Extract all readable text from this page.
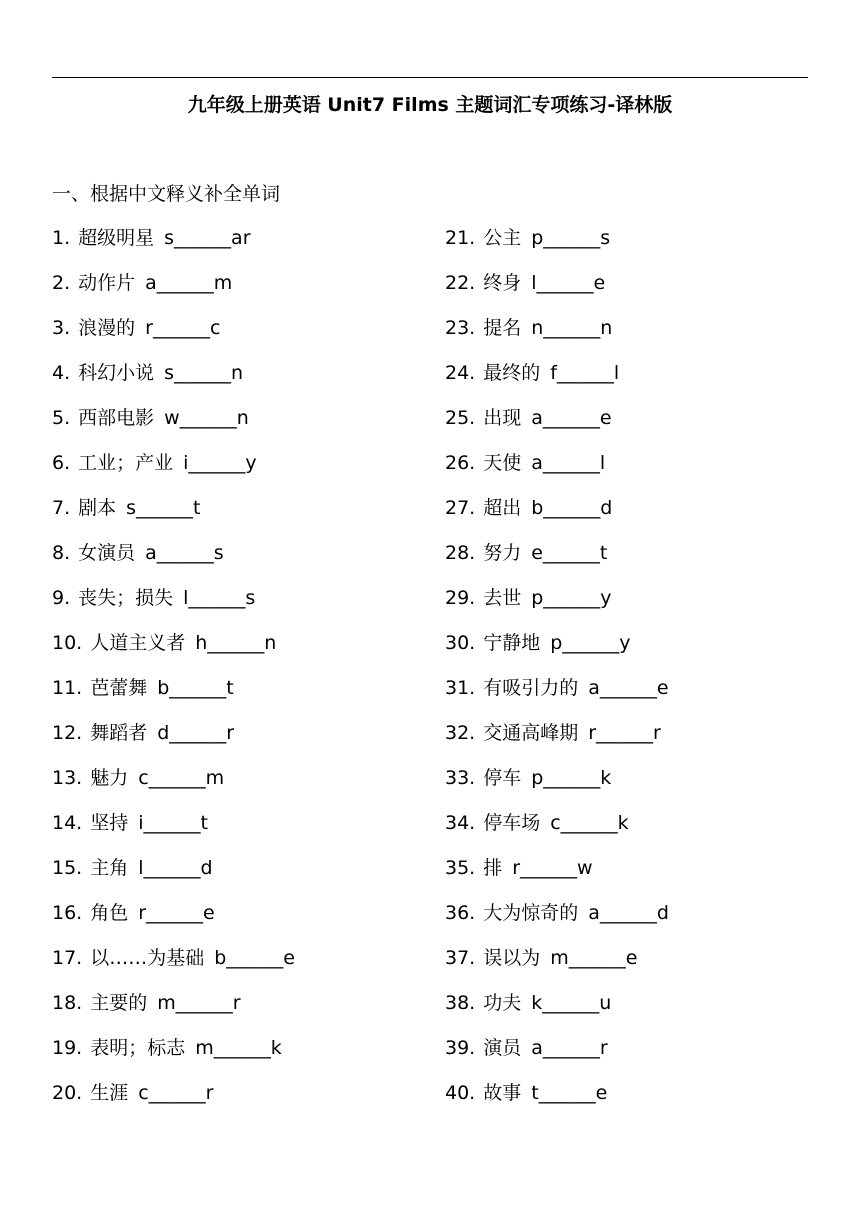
九年级上册英语 Unit7 Films 主题词汇专项练习-译林版
一、根据中文释义补全单词
1. 超级明星 s______ar
2. 动作片 a______m
3. 浪漫的 r______c
4. 科幻小说 s______n
5. 西部电影 w______n
6. 工业；产业 i______y
7. 剧本 s______t
8. 女演员 a______s
9. 丧失；损失 l______s
10. 人道主义者 h______n
11. 芭蕾舞 b______t
12. 舞蹈者 d______r
13. 魅力 c______m
14. 坚持 i______t
15. 主角 l______d
16. 角色 r______e
17. 以……为基础 b______e
18. 主要的 m______r
19. 表明；标志 m______k
20. 生涯 c______r
21. 公主 p______s
22. 终身 l______e
23. 提名 n______n
24. 最终的 f______l
25. 出现 a______e
26. 天使 a______l
27. 超出 b______d
28. 努力 e______t
29. 去世 p______y
30. 宁静地 p______y
31. 有吸引力的 a______e
32. 交通高峰期 r______r
33. 停车 p______k
34. 停车场 c______k
35. 排 r______w
36. 大为惊奇的 a______d
37. 误以为 m______e
38. 功夫 k______u
39. 演员 a______r
40. 故事 t______e
